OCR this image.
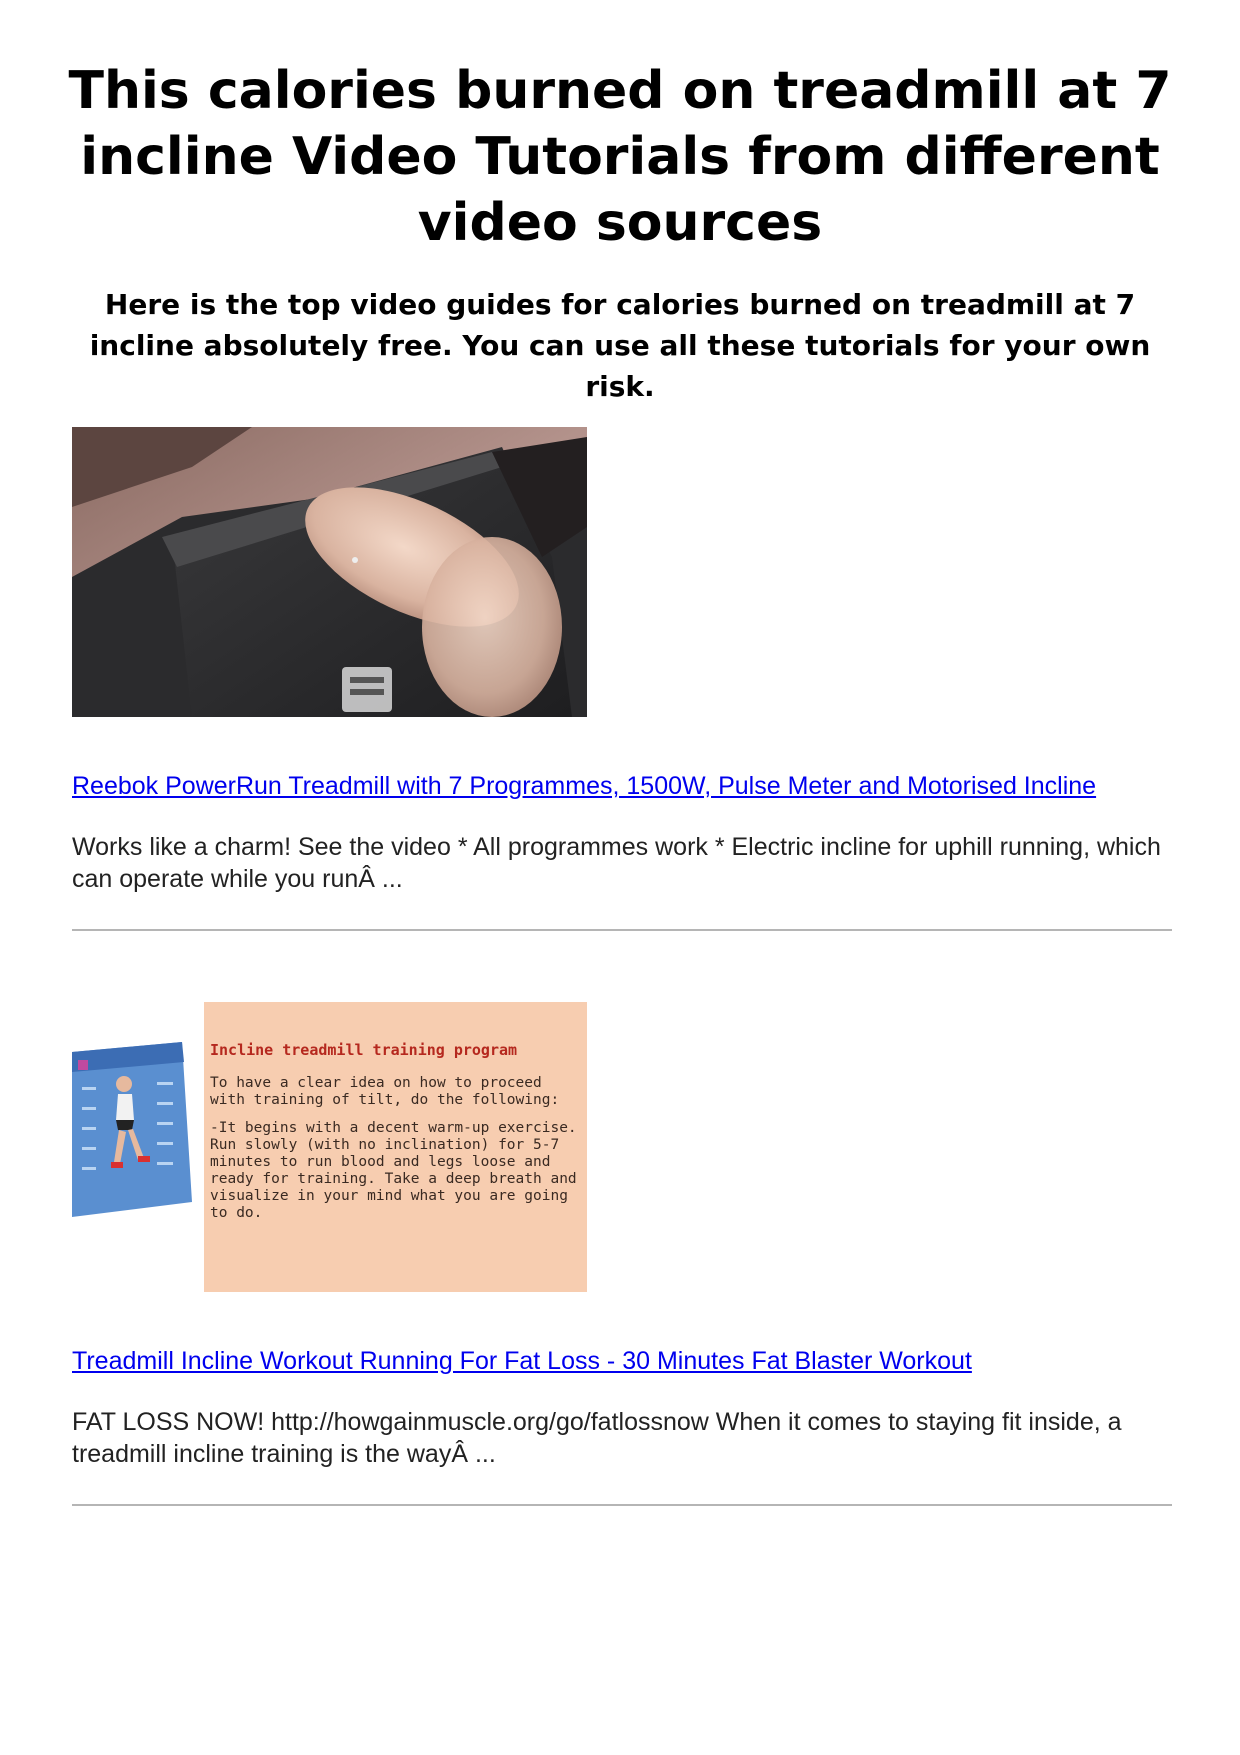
This calories burned on treadmill at 7 incline Video Tutorials from different video sources

Here is the top video guides for calories burned on treadmill at 7 incline absolutely free. You can use all these tutorials for your own risk.

Reebok PowerRun Treadmill with 7 Programmes, 1500W, Pulse Meter and Motorised Incline

Works like a charm! See the video * All programmes work * Electric incline for uphill running, which can operate while you runÂ ...

Incline treadmill training program

To have a clear idea on how to proceed with training of tilt, do the following:

-It begins with a decent warm-up exercise. Run slowly (with no inclination) for 5-7 minutes to run blood and legs loose and ready for training. Take a deep breath and visualize in your mind what you are going to do.

Treadmill Incline Workout Running For Fat Loss - 30 Minutes Fat Blaster Workout

FAT LOSS NOW! http://howgainmuscle.org/go/fatlossnow When it comes to staying fit inside, a treadmill incline training is the wayÂ ...
